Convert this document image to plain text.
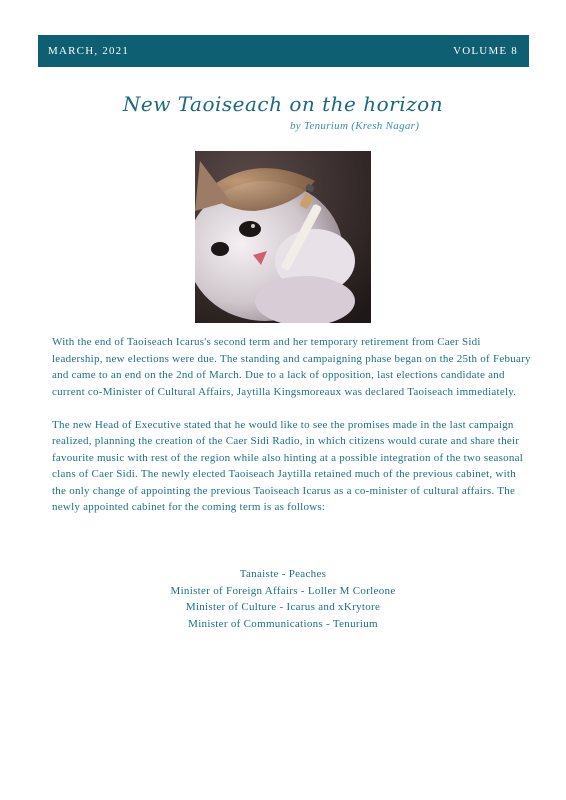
MARCH, 2021	VOLUME 8
New Taoiseach on the horizon
by Tenurium (Kresh Nagar)

With the end of Taoiseach Icarus's second term and her temporary retirement from Caer Sidi leadership, new elections were due. The standing and campaigning phase began on the 25th of Febuary and came to an end on the 2nd of March. Due to a lack of opposition, last elections candidate and current co-Minister of Cultural Affairs, Jaytilla Kingsmoreaux was declared Taoiseach immediately.

The new Head of Executive stated that he would like to see the promises made in the last campaign realized, planning the creation of the Caer Sidi Radio, in which citizens would curate and share their favourite music with rest of the region while also hinting at a possible integration of the two seasonal clans of Caer Sidi. The newly elected Taoiseach Jaytilla retained much of the previous cabinet, with the only change of appointing the previous Taoiseach Icarus as a co-minister of cultural affairs. The newly appointed cabinet for the coming term is as follows:

Tanaiste - Peaches
Minister of Foreign Affairs - Loller M Corleone
Minister of Culture - Icarus and xKrytore
Minister of Communications - Tenurium
